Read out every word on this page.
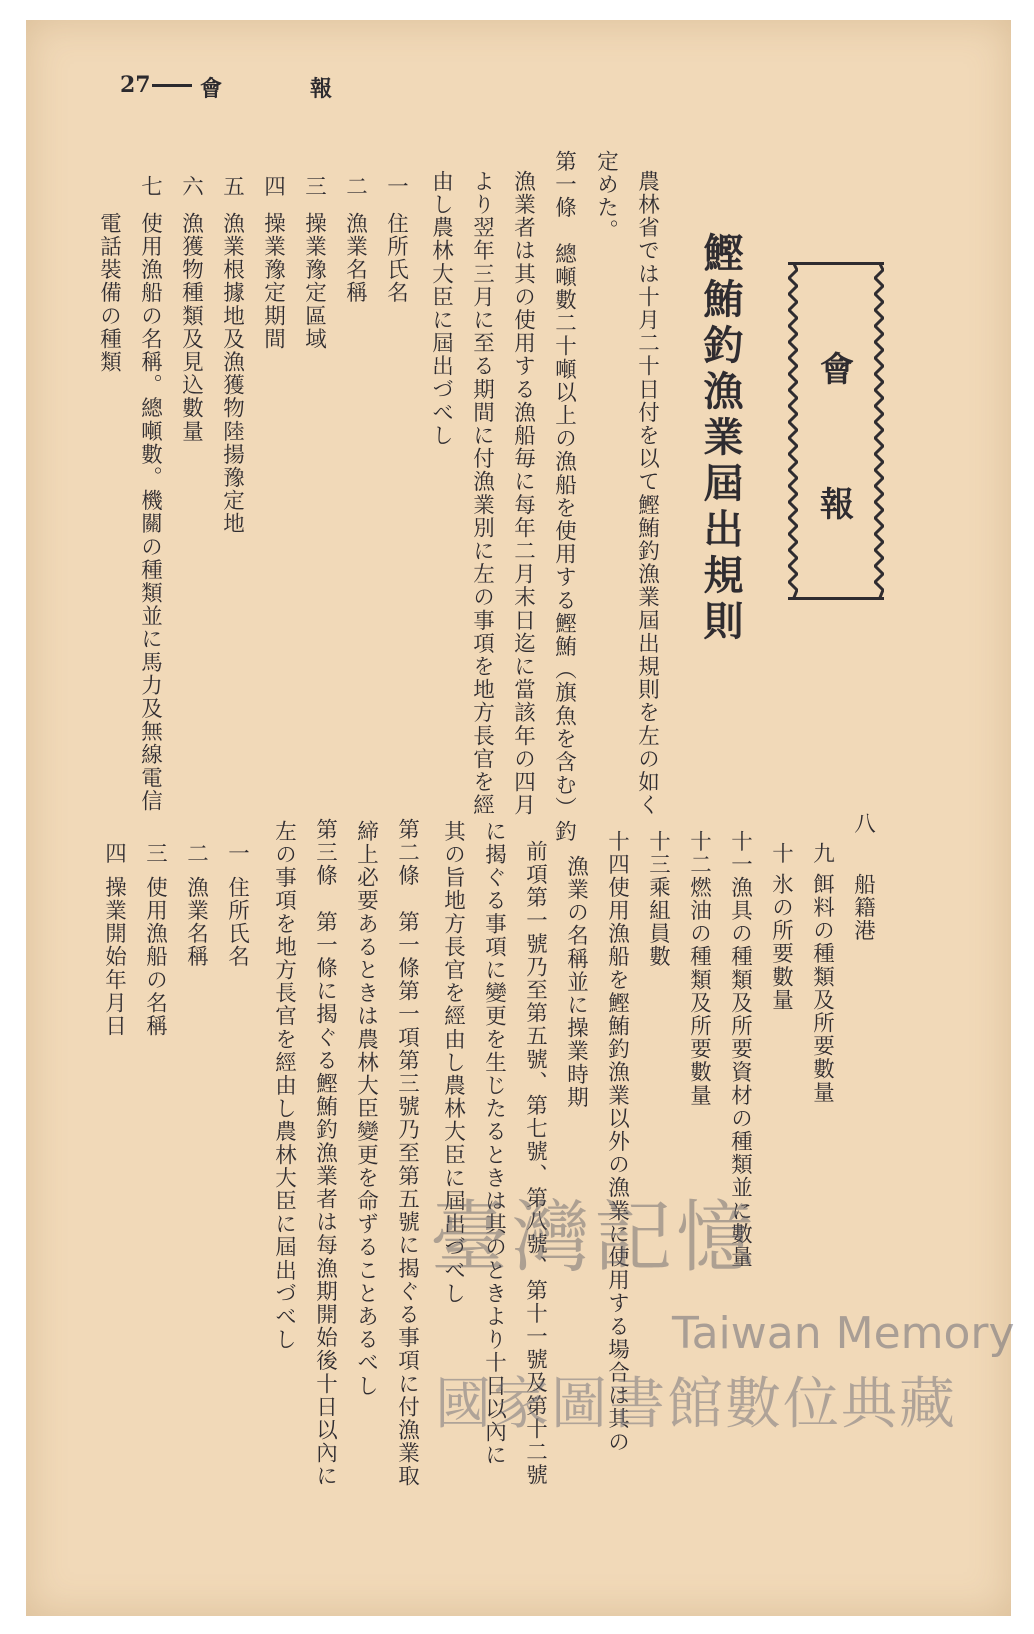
27 會	報
會
報
鰹鮪釣漁業屆出規則
農林省では十月二十日付を以て鰹鮪釣漁業屆出規則を左の如く
定めた。
第一條　總噸數二十噸以上の漁船を使用する鰹鮪（旗魚を含む）釣
漁業者は其の使用する漁船毎に每年二月末日迄に當該年の四月
より翌年三月に至る期間に付漁業別に左の事項を地方長官を經
由し農林大臣に屆出づべし
一
住所氏名
二
漁業名稱
三
操業豫定區域
四
操業豫定期間
五
漁業根據地及漁獲物陸揚豫定地
六
漁獲物種類及見込數量
七
使用漁船の名稱。總噸數。機關の種類並に馬力及無線電信
電話裝備の種類
八
船籍港
九
餌料の種類及所要數量
十
氷の所要數量
十一
漁具の種類及所要資材の種類並に數量
十二
燃油の種類及所要數量
十三
乘組員數
十四
使用漁船を鰹鮪釣漁業以外の漁業に使用する場合は其の
漁業の名稱並に操業時期
前項第一號乃至第五號、第七號、第八號、第十一號及第十二號
に揭ぐる事項に變更を生じたるときは其のときより十日以內に
其の旨地方長官を經由し農林大臣に屆出づべし
第二條　第一條第一項第三號乃至第五號に揭ぐる事項に付漁業取
締上必要あるときは農林大臣變更を命ずることあるべし
第三條　第一條に揭ぐる鰹鮪釣漁業者は每漁期開始後十日以內に
左の事項を地方長官を經由し農林大臣に屆出づべし
一
住所氏名
二
漁業名稱
三
使用漁船の名稱
四
操業開始年月日
臺灣記憶
Taiwan Memory
國家圖書館數位典藏
